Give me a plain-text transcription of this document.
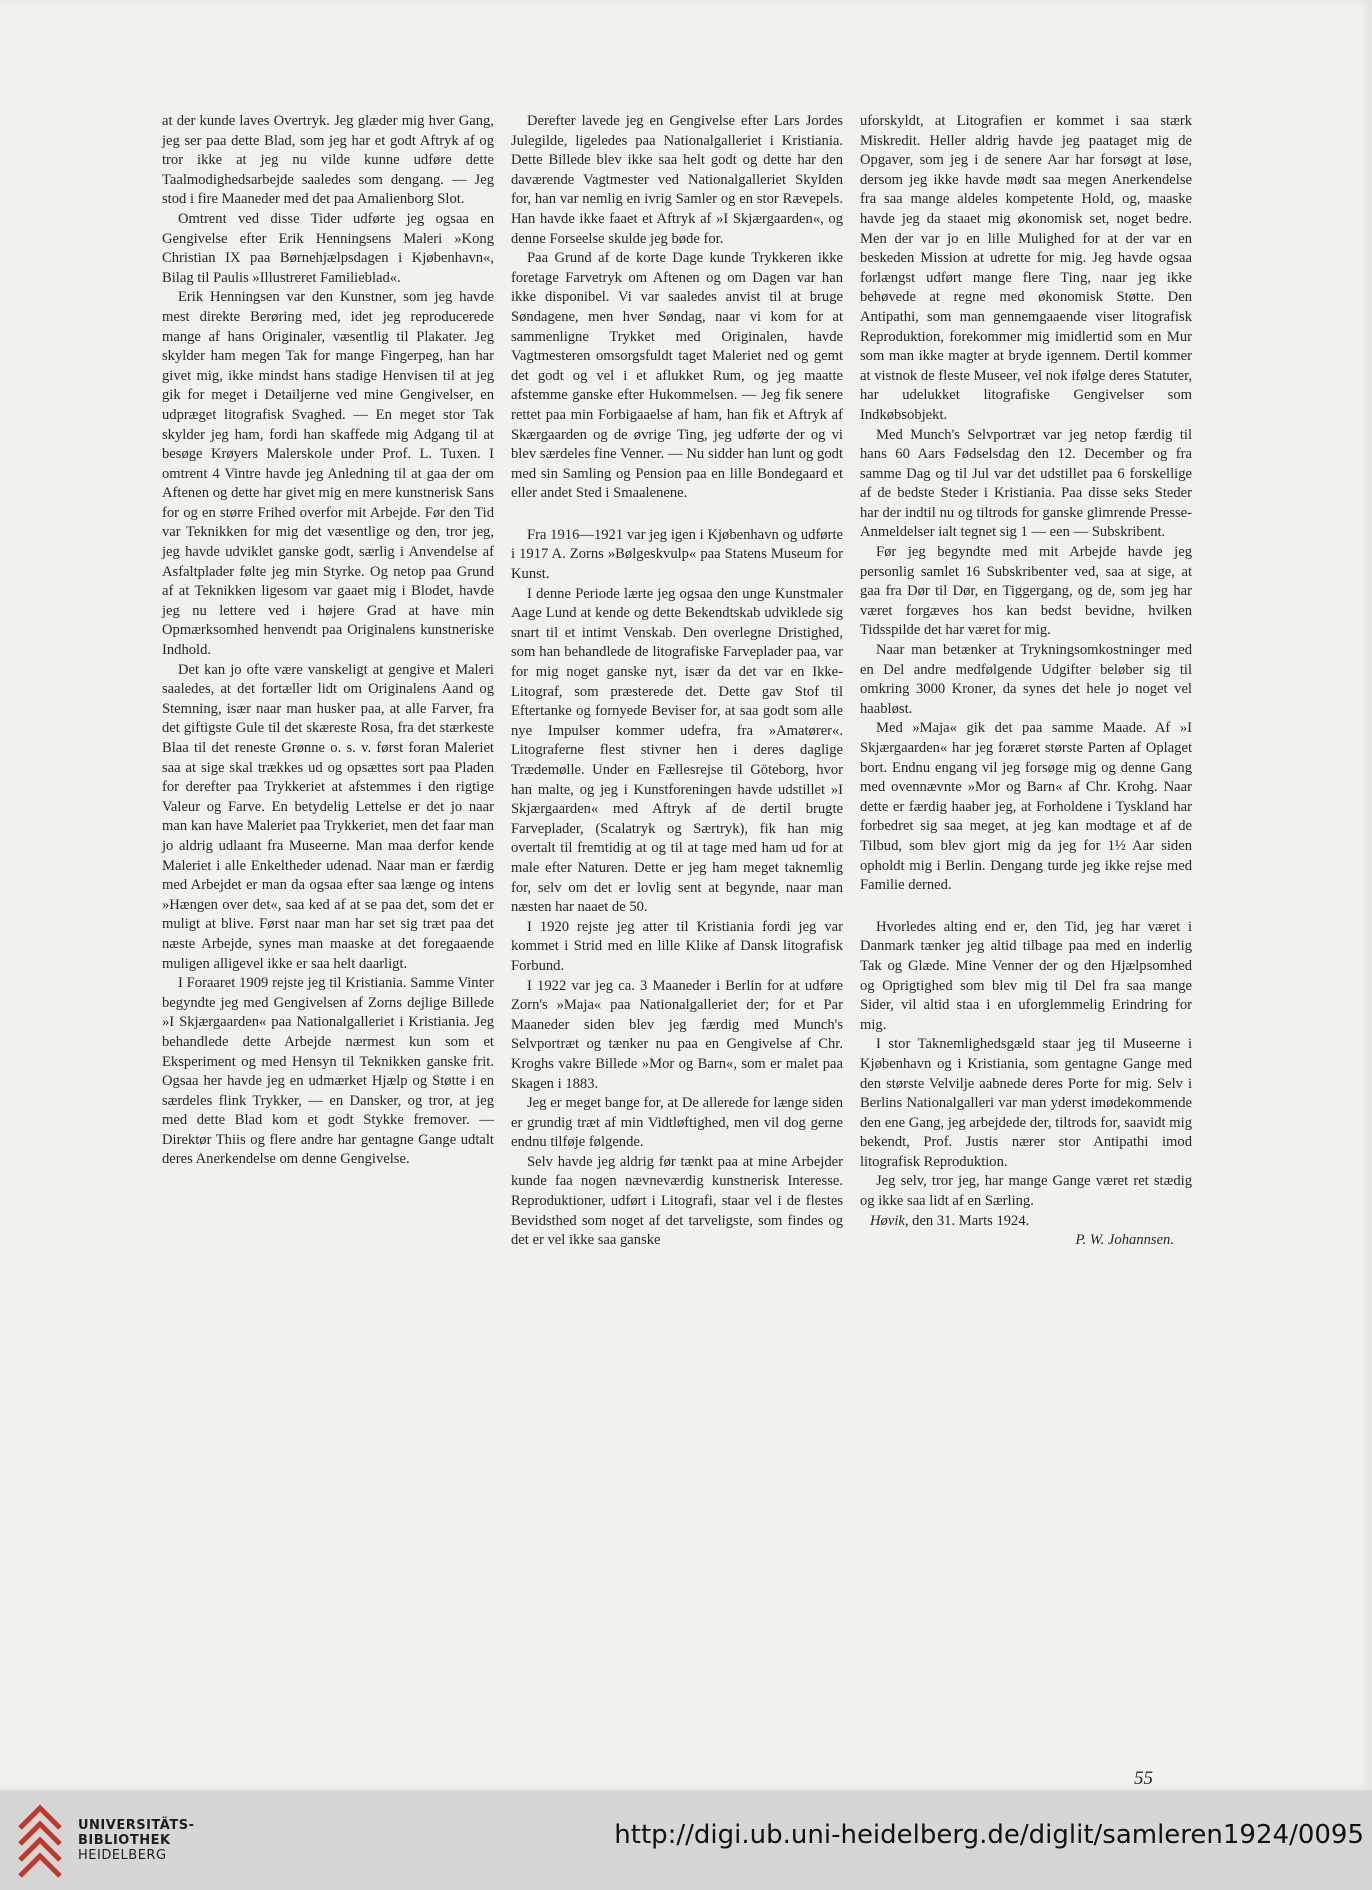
at der kunde laves Overtryk. Jeg glæder mig hver Gang, jeg ser paa dette Blad, som jeg har et godt Aftryk af og tror ikke at jeg nu vilde kunne udføre dette Taalmodighedsarbejde saaledes som dengang. — Jeg stod i fire Maaneder med det paa Amalienborg Slot.

Omtrent ved disse Tider udførte jeg ogsaa en Gengivelse efter Erik Henningsens Maleri »Kong Christian IX paa Børnehjælpsdagen i Kjøbenhavn«, Bilag til Paulis »Illustreret Familieblad«.

Erik Henningsen var den Kunstner, som jeg havde mest direkte Berøring med, idet jeg reproducerede mange af hans Originaler, væsentlig til Plakater. Jeg skylder ham megen Tak for mange Fingerpeg, han har givet mig, ikke mindst hans stadige Henvisen til at jeg gik for meget i Detailjerne ved mine Gengivelser, en udpræget litografisk Svaghed. — En meget stor Tak skylder jeg ham, fordi han skaffede mig Adgang til at besøge Krøyers Malerskole under Prof. L. Tuxen. I omtrent 4 Vintre havde jeg Anledning til at gaa der om Aftenen og dette har givet mig en mere kunstnerisk Sans for og en større Frihed overfor mit Arbejde. Før den Tid var Teknikken for mig det væsentlige og den, tror jeg, jeg havde udviklet ganske godt, særlig i Anvendelse af Asfaltplader følte jeg min Styrke. Og netop paa Grund af at Teknikken ligesom var gaaet mig i Blodet, havde jeg nu lettere ved i højere Grad at have min Opmærksomhed henvendt paa Originalens kunstneriske Indhold.

Det kan jo ofte være vanskeligt at gengive et Maleri saaledes, at det fortæller lidt om Originalens Aand og Stemning, især naar man husker paa, at alle Farver, fra det giftigste Gule til det skæreste Rosa, fra det stærkeste Blaa til det reneste Grønne o. s. v. først foran Maleriet saa at sige skal trækkes ud og opsættes sort paa Pladen for derefter paa Trykkeriet at afstemmes i den rigtige Valeur og Farve. En betydelig Lettelse er det jo naar man kan have Maleriet paa Trykkeriet, men det faar man jo aldrig udlaant fra Museerne. Man maa derfor kende Maleriet i alle Enkeltheder udenad. Naar man er færdig med Arbejdet er man da ogsaa efter saa længe og intens »Hængen over det«, saa ked af at se paa det, som det er muligt at blive. Først naar man har set sig træt paa det næste Arbejde, synes man maaske at det foregaaende muligen alligevel ikke er saa helt daarligt.

I Foraaret 1909 rejste jeg til Kristiania. Samme Vinter begyndte jeg med Gengivelsen af Zorns dejlige Billede »I Skjærgaarden« paa Nationalgalleriet i Kristiania. Jeg behandlede dette Arbejde nærmest kun som et Eksperiment og med Hensyn til Teknikken ganske frit. Ogsaa her havde jeg en udmærket Hjælp og Støtte i en særdeles flink Trykker, — en Dansker, og tror, at jeg med dette Blad kom et godt Stykke fremover. — Direktør Thiis og flere andre har gentagne Gange udtalt deres Anerkendelse om denne Gengivelse.

Derefter lavede jeg en Gengivelse efter Lars Jordes Julegilde, ligeledes paa Nationalgalleriet i Kristiania. Dette Billede blev ikke saa helt godt og dette har den daværende Vagtmester ved Nationalgalleriet Skylden for, han var nemlig en ivrig Samler og en stor Rævepels. Han havde ikke faaet et Aftryk af »I Skjærgaarden«, og denne Forseelse skulde jeg bøde for.

Paa Grund af de korte Dage kunde Trykkeren ikke foretage Farvetryk om Aftenen og om Dagen var han ikke disponibel. Vi var saaledes anvist til at bruge Søndagene, men hver Søndag, naar vi kom for at sammenligne Trykket med Originalen, havde Vagtmesteren omsorgsfuldt taget Maleriet ned og gemt det godt og vel i et aflukket Rum, og jeg maatte afstemme ganske efter Hukommelsen. — Jeg fik senere rettet paa min Forbigaaelse af ham, han fik et Aftryk af Skærgaarden og de øvrige Ting, jeg udførte der og vi blev særdeles fine Venner. — Nu sidder han lunt og godt med sin Samling og Pension paa en lille Bondegaard et eller andet Sted i Smaalenene.

Fra 1916—1921 var jeg igen i Kjøbenhavn og udførte i 1917 A. Zorns »Bølgeskvulp« paa Statens Museum for Kunst.

I denne Periode lærte jeg ogsaa den unge Kunstmaler Aage Lund at kende og dette Bekendtskab udviklede sig snart til et intimt Venskab. Den overlegne Dristighed, som han behandlede de litografiske Farveplader paa, var for mig noget ganske nyt, især da det var en Ikke-Litograf, som præsterede det. Dette gav Stof til Eftertanke og fornyede Beviser for, at saa godt som alle nye Impulser kommer udefra, fra »Amatører«. Litograferne flest stivner hen i deres daglige Trædemølle. Under en Fællesrejse til Göteborg, hvor han malte, og jeg i Kunstforeningen havde udstillet »I Skjærgaarden« med Aftryk af de dertil brugte Farveplader, (Scalatryk og Særtryk), fik han mig overtalt til fremtidig at og til at tage med ham ud for at male efter Naturen. Dette er jeg ham meget taknemlig for, selv om det er lovlig sent at begynde, naar man næsten har naaet de 50.

I 1920 rejste jeg atter til Kristiania fordi jeg var kommet i Strid med en lille Klike af Dansk litografisk Forbund.

I 1922 var jeg ca. 3 Maaneder i Berlin for at udføre Zorn's »Maja« paa Nationalgalleriet der; for et Par Maaneder siden blev jeg færdig med Munch's Selvportræt og tænker nu paa en Gengivelse af Chr. Kroghs vakre Billede »Mor og Barn«, som er malet paa Skagen i 1883.

Jeg er meget bange for, at De allerede for længe siden er grundig træt af min Vidtløftighed, men vil dog gerne endnu tilføje følgende.

Selv havde jeg aldrig før tænkt paa at mine Arbejder kunde faa nogen nævneværdig kunstnerisk Interesse. Reproduktioner, udført i Litografi, staar vel i de flestes Bevidsthed som noget af det tarveligste, som findes og det er vel ikke saa ganske

uforskyldt, at Litografien er kommet i saa stærk Miskredit. Heller aldrig havde jeg paataget mig de Opgaver, som jeg i de senere Aar har forsøgt at løse, dersom jeg ikke havde mødt saa megen Anerkendelse fra saa mange aldeles kompetente Hold, og, maaske havde jeg da staaet mig økonomisk set, noget bedre. Men der var jo en lille Mulighed for at der var en beskeden Mission at udrette for mig. Jeg havde ogsaa forlængst udført mange flere Ting, naar jeg ikke behøvede at regne med økonomisk Støtte. Den Antipathi, som man gennemgaaende viser litografisk Reproduktion, forekommer mig imidlertid som en Mur som man ikke magter at bryde igennem. Dertil kommer at vistnok de fleste Museer, vel nok ifølge deres Statuter, har udelukket litografiske Gengivelser som Indkøbsobjekt.

Med Munch's Selvportræt var jeg netop færdig til hans 60 Aars Fødselsdag den 12. December og fra samme Dag og til Jul var det udstillet paa 6 forskellige af de bedste Steder i Kristiania. Paa disse seks Steder har der indtil nu og tiltrods for ganske glimrende Presse-Anmeldelser ialt tegnet sig 1 — een — Subskribent.

Før jeg begyndte med mit Arbejde havde jeg personlig samlet 16 Subskribenter ved, saa at sige, at gaa fra Dør til Dør, en Tiggergang, og de, som jeg har været forgæves hos kan bedst bevidne, hvilken Tidsspilde det har været for mig.

Naar man betænker at Trykningsomkostninger med en Del andre medfølgende Udgifter beløber sig til omkring 3000 Kroner, da synes det hele jo noget vel haabløst.

Med »Maja« gik det paa samme Maade. Af »I Skjærgaarden« har jeg foræret største Parten af Oplaget bort. Endnu engang vil jeg forsøge mig og denne Gang med ovennævnte »Mor og Barn« af Chr. Krohg. Naar dette er færdig haaber jeg, at Forholdene i Tyskland har forbedret sig saa meget, at jeg kan modtage et af de Tilbud, som blev gjort mig da jeg for 1½ Aar siden opholdt mig i Berlin. Dengang turde jeg ikke rejse med Familie derned.

Hvorledes alting end er, den Tid, jeg har været i Danmark tænker jeg altid tilbage paa med en inderlig Tak og Glæde. Mine Venner der og den Hjælpsomhed og Oprigtighed som blev mig til Del fra saa mange Sider, vil altid staa i en uforglemmelig Erindring for mig.

I stor Taknemlighedsgæld staar jeg til Museerne i Kjøbenhavn og i Kristiania, som gentagne Gange med den største Velvilje aabnede deres Porte for mig. Selv i Berlins Nationalgalleri var man yderst imødekommende den ene Gang, jeg arbejdede der, tiltrods for, saavidt mig bekendt, Prof. Justis nærer stor Antipathi imod litografisk Reproduktion.

Jeg selv, tror jeg, har mange Gange været ret stædig og ikke saa lidt af en Særling.

Høvik, den 31. Marts 1924.

P. W. Johannsen.

55
UNIVERSITÄTS-
BIBLIOTHEK
HEIDELBERG
http://digi.ub.uni-heidelberg.de/diglit/samleren1924/0095
